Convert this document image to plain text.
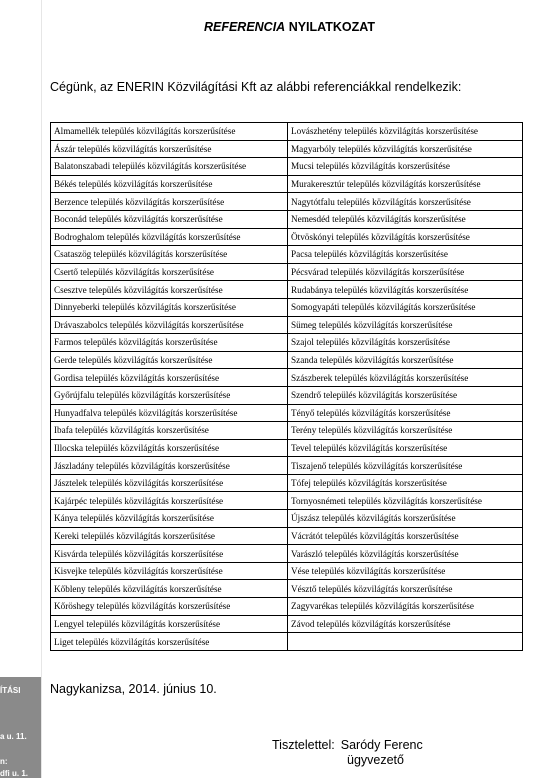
ÍTÁSI
a u. 11.
n:
dfi u. 1.
REFERENCIA NYILATKOZAT
Cégünk, az ENERIN Közvilágítási Kft az alábbi referenciákkal rendelkezik:
Almamellék település közvilágítás korszerűsítése	Lovászhetény település közvilágítás korszerűsítése
Ászár település közvilágítás korszerűsítése	Magyarbóly település közvilágítás korszerűsítése
Balatonszabadi település közvilágítás korszerűsítése	Mucsi település közvilágítás korszerűsítése
Békés település közvilágítás korszerűsítése	Murakeresztúr település közvilágítás korszerűsítése
Berzence település közvilágítás korszerűsítése	Nagytótfalu település közvilágítás korszerűsítése
Boconád település közvilágítás korszerűsítése	Nemesdéd település közvilágítás korszerűsítése
Bodroghalom település közvilágítás korszerűsítése	Ötvöskónyi település közvilágítás korszerűsítése
Csataszög település közvilágítás korszerűsítése	Pacsa település közvilágítás korszerűsítése
Csertő település közvilágítás korszerűsítése	Pécsvárad település közvilágítás korszerűsítése
Csesztve település közvilágítás korszerűsítése	Rudabánya település közvilágítás korszerűsítése
Dinnyeberki település közvilágítás korszerűsítése	Somogyapáti település közvilágítás korszerűsítése
Drávaszabolcs település közvilágítás korszerűsítése	Sümeg település közvilágítás korszerűsítése
Farmos település közvilágítás korszerűsítése	Szajol település közvilágítás korszerűsítése
Gerde település közvilágítás korszerűsítése	Szanda település közvilágítás korszerűsítése
Gordisa település közvilágítás korszerűsítése	Szászberek település közvilágítás korszerűsítése
Győrújfalu település közvilágítás korszerűsítése	Szendrő település közvilágítás korszerűsítése
Hunyadfalva település közvilágítás korszerűsítése	Tényő település közvilágítás korszerűsítése
Ibafa település közvilágítás korszerűsítése	Terény település közvilágítás korszerűsítése
Illocska település közvilágítás korszerűsítése	Tevel település közvilágítás korszerűsítése
Jászladány település közvilágítás korszerűsítése	Tiszajenő település közvilágítás korszerűsítése
Jásztelek település közvilágítás korszerűsítése	Tófej település közvilágítás korszerűsítése
Kajárpéc település közvilágítás korszerűsítése	Tornyosnémeti település közvilágítás korszerűsítése
Kánya település közvilágítás korszerűsítése	Újszász település közvilágítás korszerűsítése
Kereki település közvilágítás korszerűsítése	Vácrátót település közvilágítás korszerűsítése
Kisvárda település közvilágítás korszerűsítése	Varászló település közvilágítás korszerűsítése
Kisvejke település közvilágítás korszerűsítése	Vése település közvilágítás korszerűsítése
Kőbleny település közvilágítás korszerűsítése	Vésztő település közvilágítás korszerűsítése
Kőröshegy település közvilágítás korszerűsítése	Zagyvarékas település közvilágítás korszerűsítése
Lengyel település közvilágítás korszerűsítése	Závod település közvilágítás korszerűsítése
Liget település közvilágítás korszerűsítése	
Nagykanizsa, 2014. június 10.
Tisztelettel: Saródy Ferenc
ügyvezető
